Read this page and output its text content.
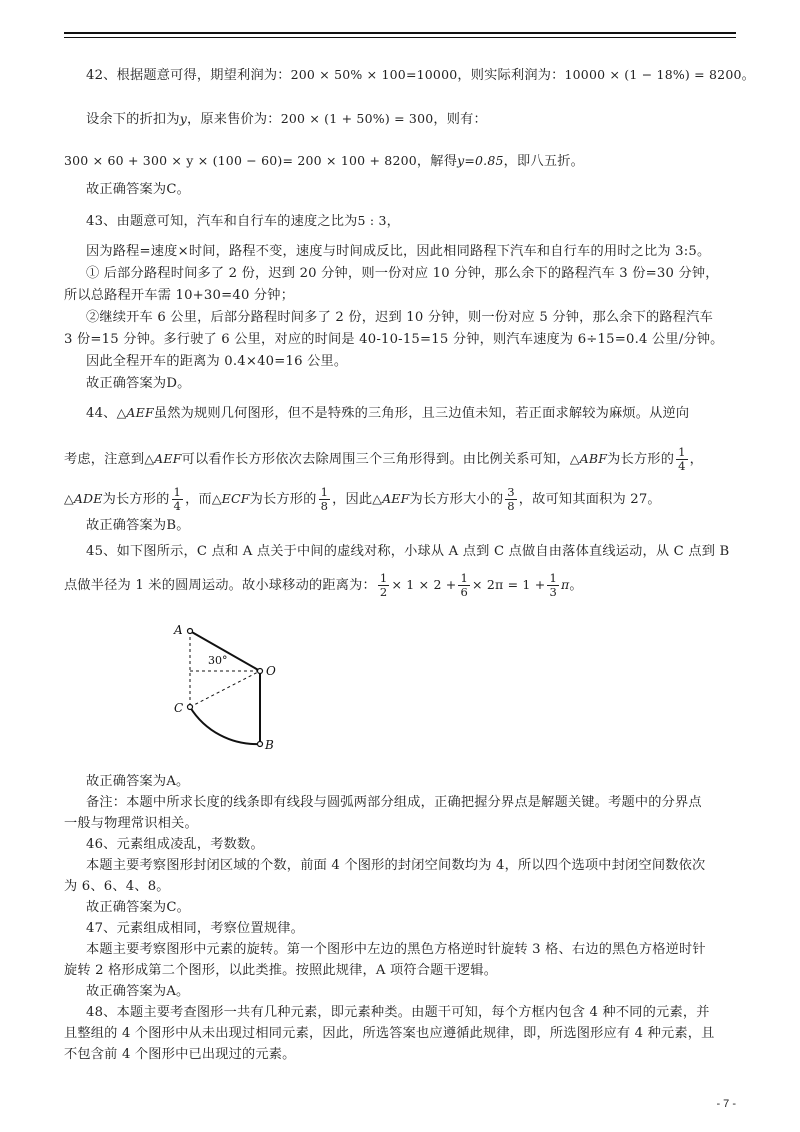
42、根据题意可得，期望利润为：200 × 50% × 100=10000，则实际利润为：10000 × (1 − 18%) = 8200。
设余下的折扣为y，原来售价为：200 × (1 + 50%) = 300，则有：
300 × 60 + 300 × y × (100 − 60)= 200 × 100 + 8200，解得y=0.85，即八五折。
故正确答案为C。
43、由题意可知，汽车和自行车的速度之比为5 : 3，
因为路程=速度×时间，路程不变，速度与时间成反比，因此相同路程下汽车和自行车的用时之比为 3:5。
① 后部分路程时间多了 2 份，迟到 20 分钟，则一份对应 10 分钟，那么余下的路程汽车 3 份=30 分钟，
所以总路程开车需 10+30=40 分钟；
②继续开车 6 公里，后部分路程时间多了 2 份，迟到 10 分钟，则一份对应 5 分钟，那么余下的路程汽车
3 份=15 分钟。多行驶了 6 公里，对应的时间是 40-10-15=15 分钟，则汽车速度为 6÷15=0.4 公里/分钟。
因此全程开车的距离为 0.4×40=16 公里。
故正确答案为D。
44、△AEF虽然为规则几何图形，但不是特殊的三角形，且三边值未知，若正面求解较为麻烦。从逆向
考虑，注意到△AEF可以看作长方形依次去除周围三个三角形得到。由比例关系可知，△ABF为长方形的 $\frac{1}{4}$ ，
△ADE为长方形的 $\frac{1}{4}$ ，而△ECF为长方形的 $\frac{1}{8}$ ，因此△AEF为长方形大小的 $\frac{3}{8}$ ，故可知其面积为 27。
故正确答案为B。
45、如下图所示，C 点和 A 点关于中间的虚线对称，小球从 A 点到 C 点做自由落体直线运动，从 C 点到 B
点做半径为 1 米的圆周运动。故小球移动的距离为： $\frac{1}{2} \times 1 \times 2 + \frac{1}{6} \times 2\pi = 1 + \frac{1}{3}$ π。
A
O
C
B
30°
故正确答案为A。
备注：本题中所求长度的线条即有线段与圆弧两部分组成，正确把握分界点是解题关键。考题中的分界点
一般与物理常识相关。
46、元素组成凌乱，考数数。
本题主要考察图形封闭区域的个数，前面 4 个图形的封闭空间数均为 4，所以四个选项中封闭空间数依次
为 6、6、4、8。
故正确答案为C。
47、元素组成相同，考察位置规律。
本题主要考察图形中元素的旋转。第一个图形中左边的黑色方格逆时针旋转 3 格、右边的黑色方格逆时针
旋转 2 格形成第二个图形，以此类推。按照此规律，A 项符合题干逻辑。
故正确答案为A。
48、本题主要考查图形一共有几种元素，即元素种类。由题干可知，每个方框内包含 4 种不同的元素，并
且整组的 4 个图形中从未出现过相同元素，因此，所选答案也应遵循此规律，即，所选图形应有 4 种元素，且
不包含前 4 个图形中已出现过的元素。
- 7 -
